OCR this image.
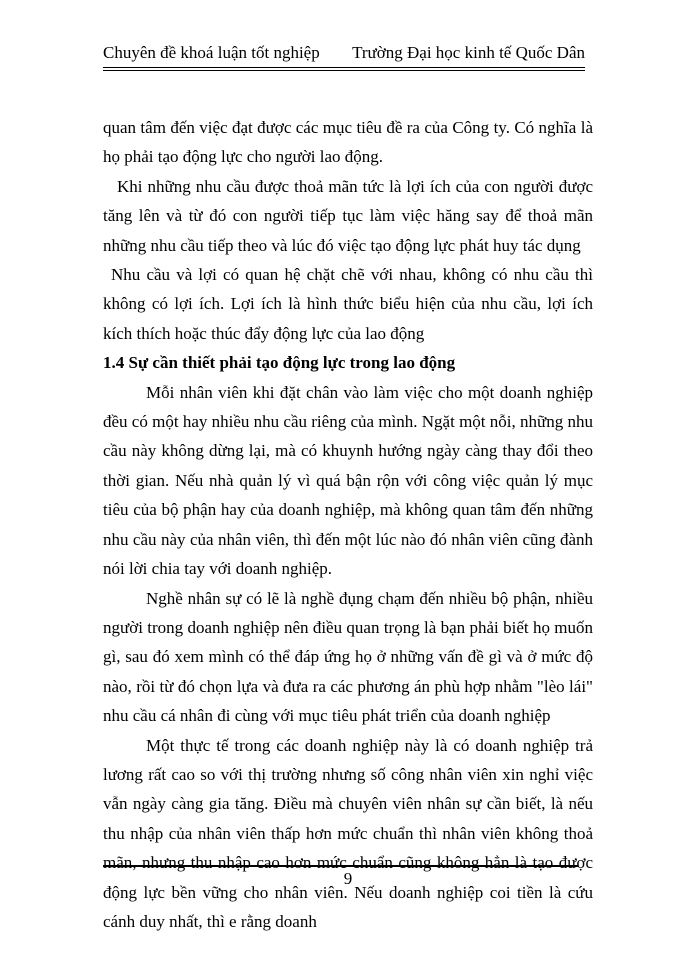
Chuyên đề khoá luận tốt nghiệp Trường Đại học kinh tế Quốc Dân

quan tâm đến việc đạt được các mục tiêu đề ra của Công ty. Có nghĩa là họ phải tạo động lực cho người lao động.

Khi những nhu cầu được thoả mãn tức là lợi ích của con người được tăng lên và từ đó con người tiếp tục làm việc hăng say để thoả mãn những nhu cầu tiếp theo và lúc đó việc tạo động lực phát huy tác dụng

Nhu cầu và lợi có quan hệ chặt chẽ với nhau, không có nhu cầu thì không có lợi ích. Lợi ích là hình thức biểu hiện của nhu cầu, lợi ích kích thích hoặc thúc đẩy động lực của lao động

1.4 Sự cần thiết phải tạo động lực trong lao động

Mỗi nhân viên khi đặt chân vào làm việc cho một doanh nghiệp đều có một hay nhiều nhu cầu riêng của mình. Ngặt một nỗi, những nhu cầu này không dừng lại, mà có khuynh hướng ngày càng thay đổi theo thời gian. Nếu nhà quản lý vì quá bận rộn với công việc quản lý mục tiêu của bộ phận hay của doanh nghiệp, mà không quan tâm đến những nhu cầu này của nhân viên, thì đến một lúc nào đó nhân viên cũng đành nói lời chia tay với doanh nghiệp.

Nghề nhân sự có lẽ là nghề đụng chạm đến nhiều bộ phận, nhiều người trong doanh nghiệp nên điều quan trọng là bạn phải biết họ muốn gì, sau đó xem mình có thể đáp ứng họ ở những vấn đề gì và ở mức độ nào, rồi từ đó chọn lựa và đưa ra các phương án phù hợp nhằm "lèo lái" nhu cầu cá nhân đi cùng với mục tiêu phát triển của doanh nghiệp

Một thực tế trong các doanh nghiệp này là có doanh nghiệp trả lương rất cao so với thị trường nhưng số công nhân viên xin nghỉ việc vẫn ngày càng gia tăng. Điều mà chuyên viên nhân sự cần biết, là nếu thu nhập của nhân viên thấp hơn mức chuẩn thì nhân viên không thoả mãn, nhưng thu nhập cao hơn mức chuẩn cũng không hẳn là tạo được động lực bền vững cho nhân viên. Nếu doanh nghiệp coi tiền là cứu cánh duy nhất, thì e rằng doanh

9
